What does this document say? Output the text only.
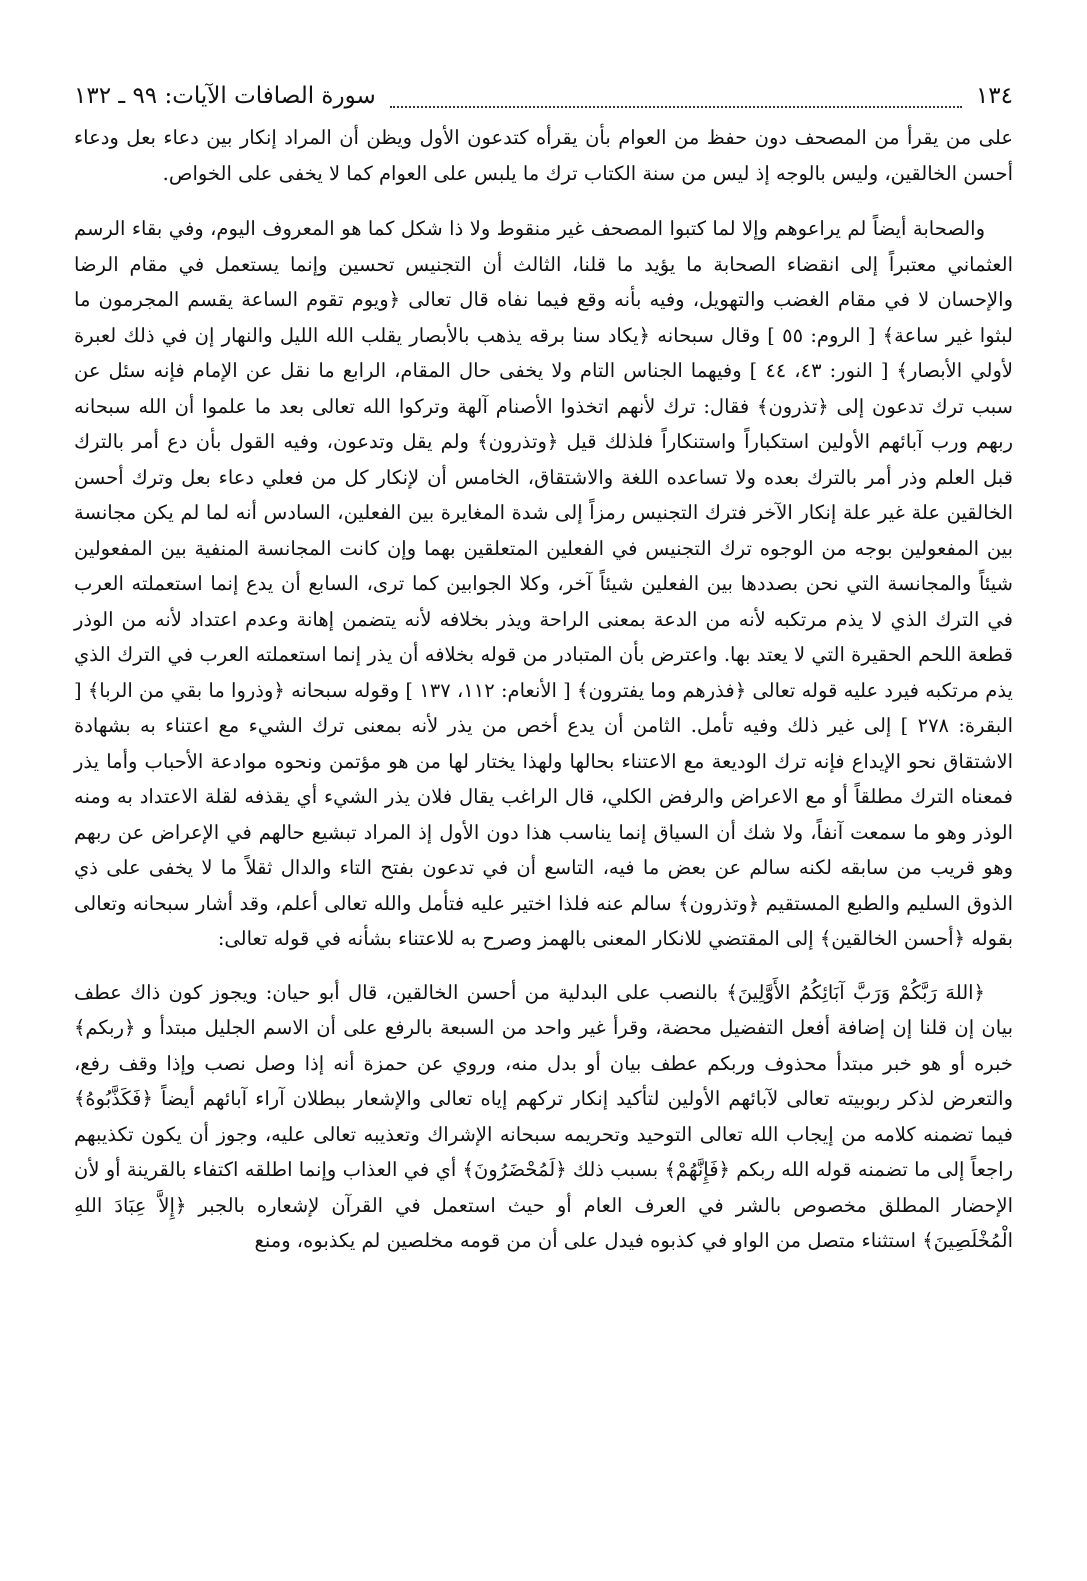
١٣٤
سورة الصافات الآيات: ٩٩ ـ ١٣٢

على من يقرأ من المصحف دون حفظ من العوام بأن يقرأه كتدعون الأول ويظن أن المراد إنكار بين دعاء بعل ودعاء أحسن الخالقين، وليس بالوجه إذ ليس من سنة الكتاب ترك ما يلبس على العوام كما لا يخفى على الخواص.

والصحابة أيضاً لم يراعوهم وإلا لما كتبوا المصحف غير منقوط ولا ذا شكل كما هو المعروف اليوم، وفي بقاء الرسم العثماني معتبراً إلى انقضاء الصحابة ما يؤيد ما قلنا، الثالث أن التجنيس تحسين وإنما يستعمل في مقام الرضا والإحسان لا في مقام الغضب والتهويل، وفيه بأنه وقع فيما نفاه قال تعالى ﴿ويوم تقوم الساعة يقسم المجرمون ما لبثوا غير ساعة﴾ [ الروم: ٥٥ ] وقال سبحانه ﴿يكاد سنا برقه يذهب بالأبصار يقلب الله الليل والنهار إن في ذلك لعبرة لأولي الأبصار﴾ [ النور: ٤٣، ٤٤ ] وفيهما الجناس التام ولا يخفى حال المقام، الرابع ما نقل عن الإمام فإنه سئل عن سبب ترك تدعون إلى ﴿تذرون﴾ فقال: ترك لأنهم اتخذوا الأصنام آلهة وتركوا الله تعالى بعد ما علموا أن الله سبحانه ربهم ورب آبائهم الأولين استكباراً واستنكاراً فلذلك قيل ﴿وتذرون﴾ ولم يقل وتدعون، وفيه القول بأن دع أمر بالترك قبل العلم وذر أمر بالترك بعده ولا تساعده اللغة والاشتقاق، الخامس أن لإنكار كل من فعلي دعاء بعل وترك أحسن الخالقين علة غير علة إنكار الآخر فترك التجنيس رمزاً إلى شدة المغايرة بين الفعلين، السادس أنه لما لم يكن مجانسة بين المفعولين بوجه من الوجوه ترك التجنيس في الفعلين المتعلقين بهما وإن كانت المجانسة المنفية بين المفعولين شيئاً والمجانسة التي نحن بصددها بين الفعلين شيئاً آخر، وكلا الجوابين كما ترى، السابع أن يدع إنما استعملته العرب في الترك الذي لا يذم مرتكبه لأنه من الدعة بمعنى الراحة ويذر بخلافه لأنه يتضمن إهانة وعدم اعتداد لأنه من الوذر قطعة اللحم الحقيرة التي لا يعتد بها. واعترض بأن المتبادر من قوله بخلافه أن يذر إنما استعملته العرب في الترك الذي يذم مرتكبه فيرد عليه قوله تعالى ﴿فذرهم وما يفترون﴾ [ الأنعام: ١١٢، ١٣٧ ] وقوله سبحانه ﴿وذروا ما بقي من الربا﴾ [ البقرة: ٢٧٨ ] إلى غير ذلك وفيه تأمل. الثامن أن يدع أخص من يذر لأنه بمعنى ترك الشيء مع اعتناء به بشهادة الاشتقاق نحو الإيداع فإنه ترك الوديعة مع الاعتناء بحالها ولهذا يختار لها من هو مؤتمن ونحوه موادعة الأحباب وأما يذر فمعناه الترك مطلقاً أو مع الاعراض والرفض الكلي، قال الراغب يقال فلان يذر الشيء أي يقذفه لقلة الاعتداد به ومنه الوذر وهو ما سمعت آنفاً، ولا شك أن السياق إنما يناسب هذا دون الأول إذ المراد تبشيع حالهم في الإعراض عن ربهم وهو قريب من سابقه لكنه سالم عن بعض ما فيه، التاسع أن في تدعون بفتح التاء والدال ثقلاً ما لا يخفى على ذي الذوق السليم والطبع المستقيم ﴿وتذرون﴾ سالم عنه فلذا اختير عليه فتأمل والله تعالى أعلم، وقد أشار سبحانه وتعالى بقوله ﴿أحسن الخالقين﴾ إلى المقتضي للانكار المعنى بالهمز وصرح به للاعتناء بشأنه في قوله تعالى:

﴿اللهَ رَبَّكُمْ وَرَبَّ آبَائِكُمُ الأَوَّلِينَ﴾ بالنصب على البدلية من أحسن الخالقين، قال أبو حيان: ويجوز كون ذاك عطف بيان إن قلنا إن إضافة أفعل التفضيل محضة، وقرأ غير واحد من السبعة بالرفع على أن الاسم الجليل مبتدأ و ﴿ربكم﴾ خبره أو هو خبر مبتدأ محذوف وربكم عطف بيان أو بدل منه، وروي عن حمزة أنه إذا وصل نصب وإذا وقف رفع، والتعرض لذكر ربوبيته تعالى لآبائهم الأولين لتأكيد إنكار تركهم إياه تعالى والإشعار ببطلان آراء آبائهم أيضاً ﴿فَكَذَّبُوهُ﴾ فيما تضمنه كلامه من إيجاب الله تعالى التوحيد وتحريمه سبحانه الإشراك وتعذيبه تعالى عليه، وجوز أن يكون تكذيبهم راجعاً إلى ما تضمنه قوله الله ربكم ﴿فَإِنَّهُمْ﴾ بسبب ذلك ﴿لَمُحْضَرُونَ﴾ أي في العذاب وإنما اطلقه اكتفاء بالقرينة أو لأن الإحضار المطلق مخصوص بالشر في العرف العام أو حيث استعمل في القرآن لإشعاره بالجبر ﴿إِلاَّ عِبَادَ اللهِ الْمُخْلَصِينَ﴾ استثناء متصل من الواو في كذبوه فيدل على أن من قومه مخلصين لم يكذبوه، ومنع
